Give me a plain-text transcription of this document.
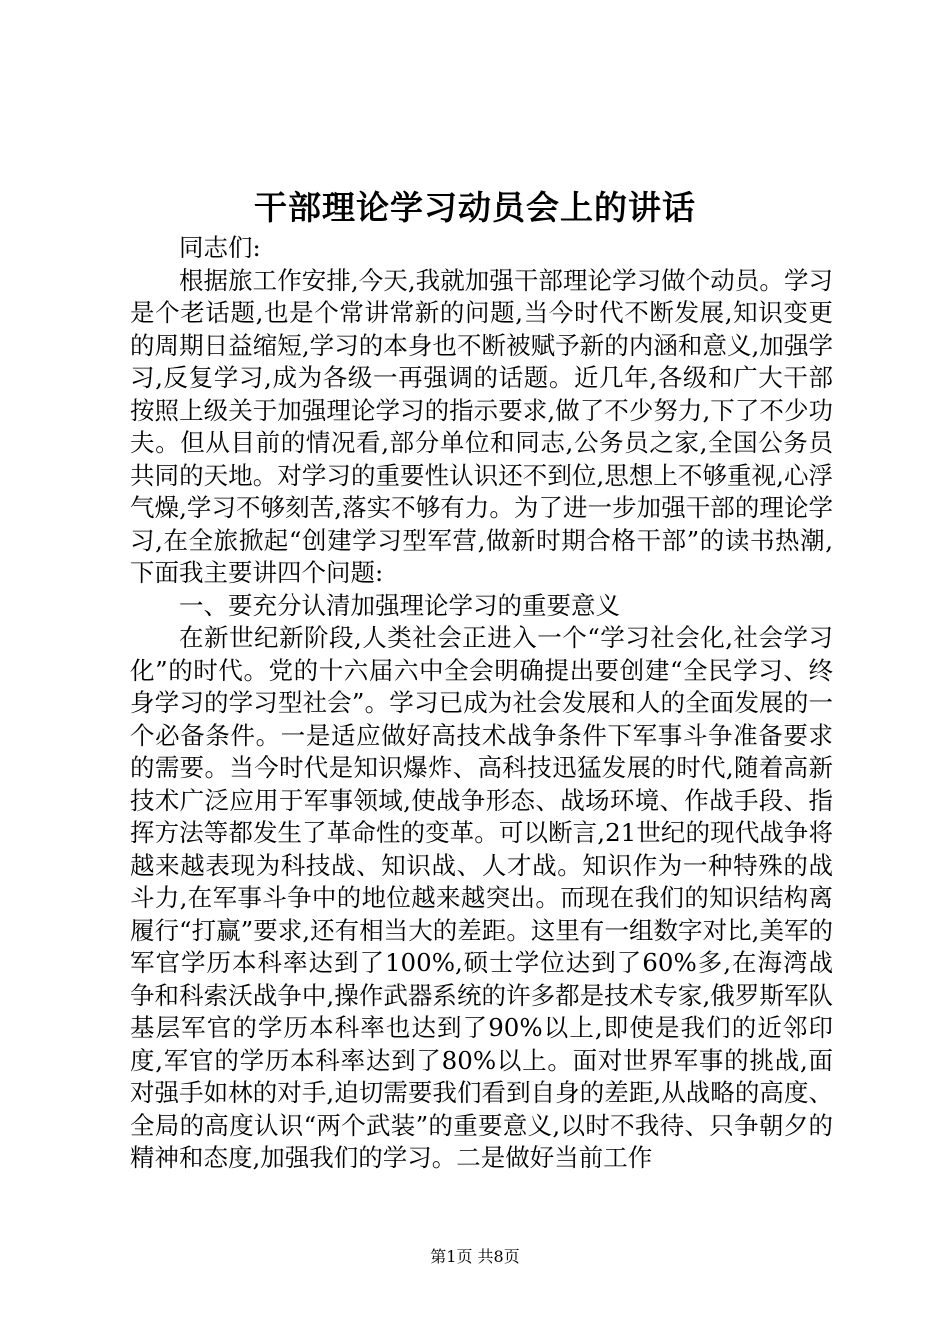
干部理论学习动员会上的讲话

同志们:

根据旅工作安排,今天,我就加强干部理论学习做个动员。学习是个老话题,也是个常讲常新的问题,当今时代不断发展,知识变更的周期日益缩短,学习的本身也不断被赋予新的内涵和意义,加强学习,反复学习,成为各级一再强调的话题。近几年,各级和广大干部按照上级关于加强理论学习的指示要求,做了不少努力,下了不少功夫。但从目前的情况看,部分单位和同志,公务员之家,全国公务员共同的天地。对学习的重要性认识还不到位,思想上不够重视,心浮气燥,学习不够刻苦,落实不够有力。为了进一步加强干部的理论学习,在全旅掀起“创建学习型军营,做新时期合格干部”的读书热潮,下面我主要讲四个问题:

一、要充分认清加强理论学习的重要意义

在新世纪新阶段,人类社会正进入一个“学习社会化,社会学习化”的时代。党的十六届六中全会明确提出要创建“全民学习、终身学习的学习型社会”。学习已成为社会发展和人的全面发展的一个必备条件。一是适应做好高技术战争条件下军事斗争准备要求的需要。当今时代是知识爆炸、高科技迅猛发展的时代,随着高新技术广泛应用于军事领域,使战争形态、战场环境、作战手段、指挥方法等都发生了革命性的变革。可以断言,21世纪的现代战争将越来越表现为科技战、知识战、人才战。知识作为一种特殊的战斗力,在军事斗争中的地位越来越突出。而现在我们的知识结构离履行“打赢”要求,还有相当大的差距。这里有一组数字对比,美军的军官学历本科率达到了100%,硕士学位达到了60%多,在海湾战争和科索沃战争中,操作武器系统的许多都是技术专家,俄罗斯军队基层军官的学历本科率也达到了90%以上,即使是我们的近邻印度,军官的学历本科率达到了80%以上。面对世界军事的挑战,面对强手如林的对手,迫切需要我们看到自身的差距,从战略的高度、全局的高度认识“两个武装”的重要意义,以时不我待、只争朝夕的精神和态度,加强我们的学习。二是做好当前工作

第1页 共8页
